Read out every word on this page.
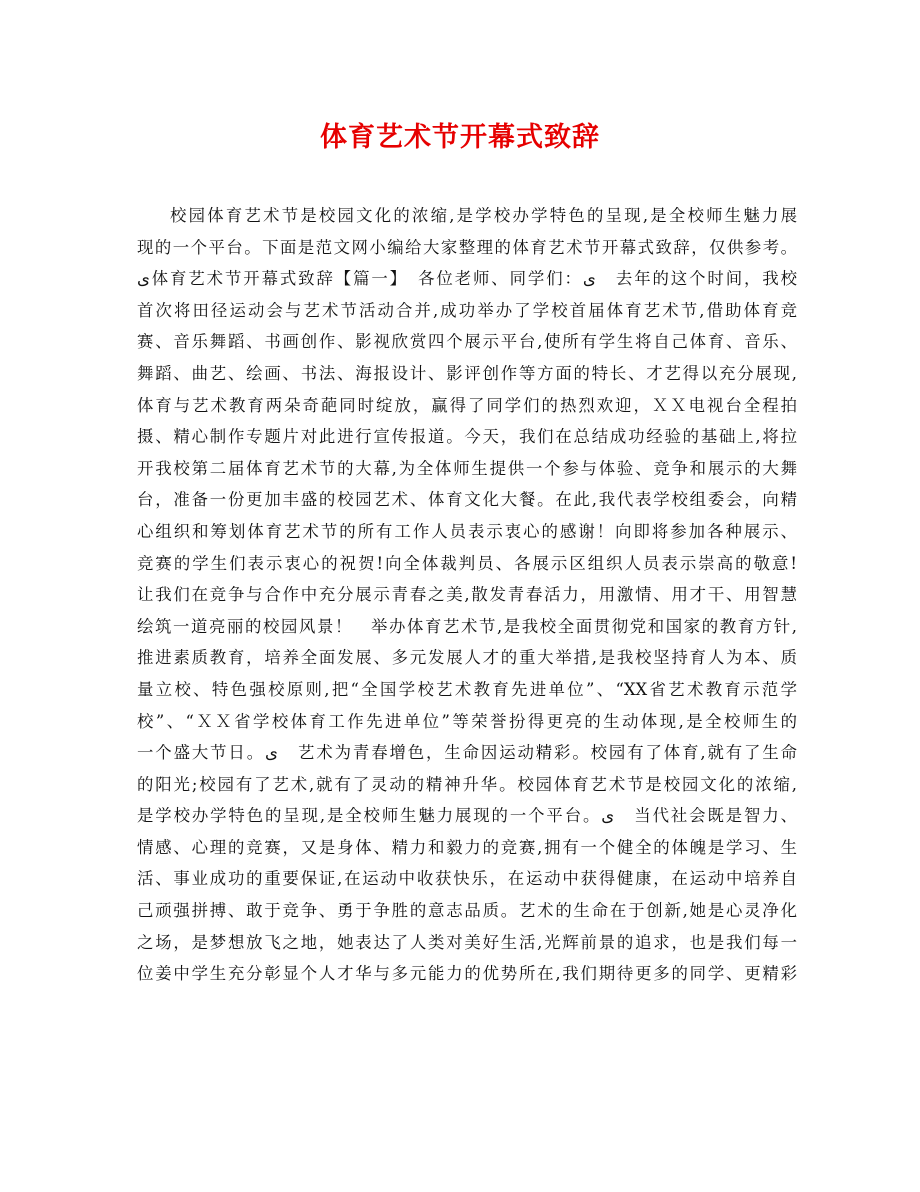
体育艺术节开幕式致辞
校园体育艺术节是校园文化的浓缩,是学校办学特色的呈现,是全校师生魅力展
现的一个平台。下面是范文网小编给大家整理的体育艺术节开幕式致辞，仅供参考。
ى体育艺术节开幕式致辞【篇一】　各位老师、同学们：ى　去年的这个时间，我校
首次将田径运动会与艺术节活动合并,成功举办了学校首届体育艺术节,借助体育竞
赛、音乐舞蹈、书画创作、影视欣赏四个展示平台,使所有学生将自己体育、音乐、
舞蹈、曲艺、绘画、书法、海报设计、影评创作等方面的特长、才艺得以充分展现,
体育与艺术教育两朵奇葩同时绽放，赢得了同学们的热烈欢迎，ＸＸ电视台全程拍
摄、精心制作专题片对此进行宣传报道。今天，我们在总结成功经验的基础上,将拉
开我校第二届体育艺术节的大幕,为全体师生提供一个参与体验、竞争和展示的大舞
台，准备一份更加丰盛的校园艺术、体育文化大餐。在此,我代表学校组委会，向精
心组织和筹划体育艺术节的所有工作人员表示衷心的感谢！向即将参加各种展示、
竞赛的学生们表示衷心的祝贺!向全体裁判员、各展示区组织人员表示崇高的敬意!
让我们在竞争与合作中充分展示青春之美,散发青春活力，用激情、用才干、用智慧
绘筑一道亮丽的校园风景！　举办体育艺术节,是我校全面贯彻党和国家的教育方针,
推进素质教育，培养全面发展、多元发展人才的重大举措,是我校坚持育人为本、质
量立校、特色强校原则,把“全国学校艺术教育先进单位”、“XX省艺术教育示范学
校”、“ＸＸ省学校体育工作先进单位”等荣誉扮得更亮的生动体现,是全校师生的
一个盛大节日。ى　艺术为青春增色，生命因运动精彩。校园有了体育,就有了生命
的阳光;校园有了艺术,就有了灵动的精神升华。校园体育艺术节是校园文化的浓缩,
是学校办学特色的呈现,是全校师生魅力展现的一个平台。ى　当代社会既是智力、
情感、心理的竞赛，又是身体、精力和毅力的竞赛,拥有一个健全的体魄是学习、生
活、事业成功的重要保证,在运动中收获快乐，在运动中获得健康，在运动中培养自
己顽强拼搏、敢于竞争、勇于争胜的意志品质。艺术的生命在于创新,她是心灵净化
之场，是梦想放飞之地，她表达了人类对美好生活,光辉前景的追求，也是我们每一
位姜中学生充分彰显个人才华与多元能力的优势所在,我们期待更多的同学、更精彩
